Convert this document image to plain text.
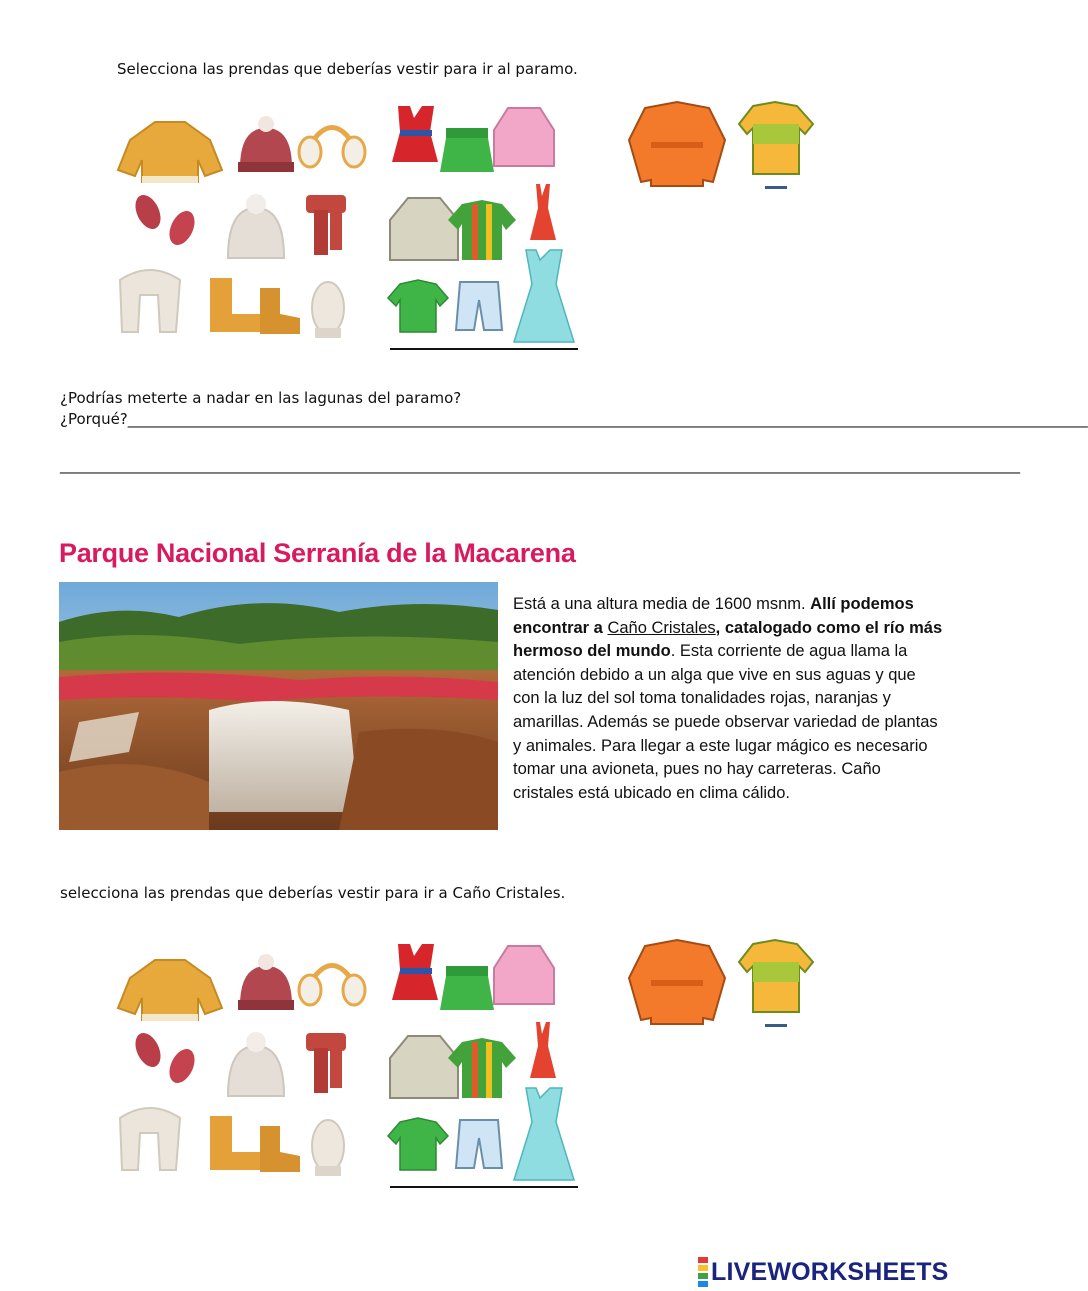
Selecciona las prendas que deberías vestir para ir al paramo.
¿Podrías meterte a nadar en las lagunas del paramo?
¿Porqué? ________________________________________________________________________________________________________________________________
________________________________________________________________________________________________________________________________
Parque Nacional Serranía de la Macarena
Está a una altura media de 1600 msnm. Allí podemos encontrar a Caño Cristales, catalogado como el río más hermoso del mundo. Esta corriente de agua llama la atención debido a un alga que vive en sus aguas y que con la luz del sol toma tonalidades rojas, naranjas y amarillas. Además se puede observar variedad de plantas y animales. Para llegar a este lugar mágico es necesario tomar una avioneta, pues no hay carreteras. Caño cristales está ubicado en clima cálido.
selecciona las prendas que deberías vestir para ir a Caño Cristales.
LIVEWORKSHEETS
